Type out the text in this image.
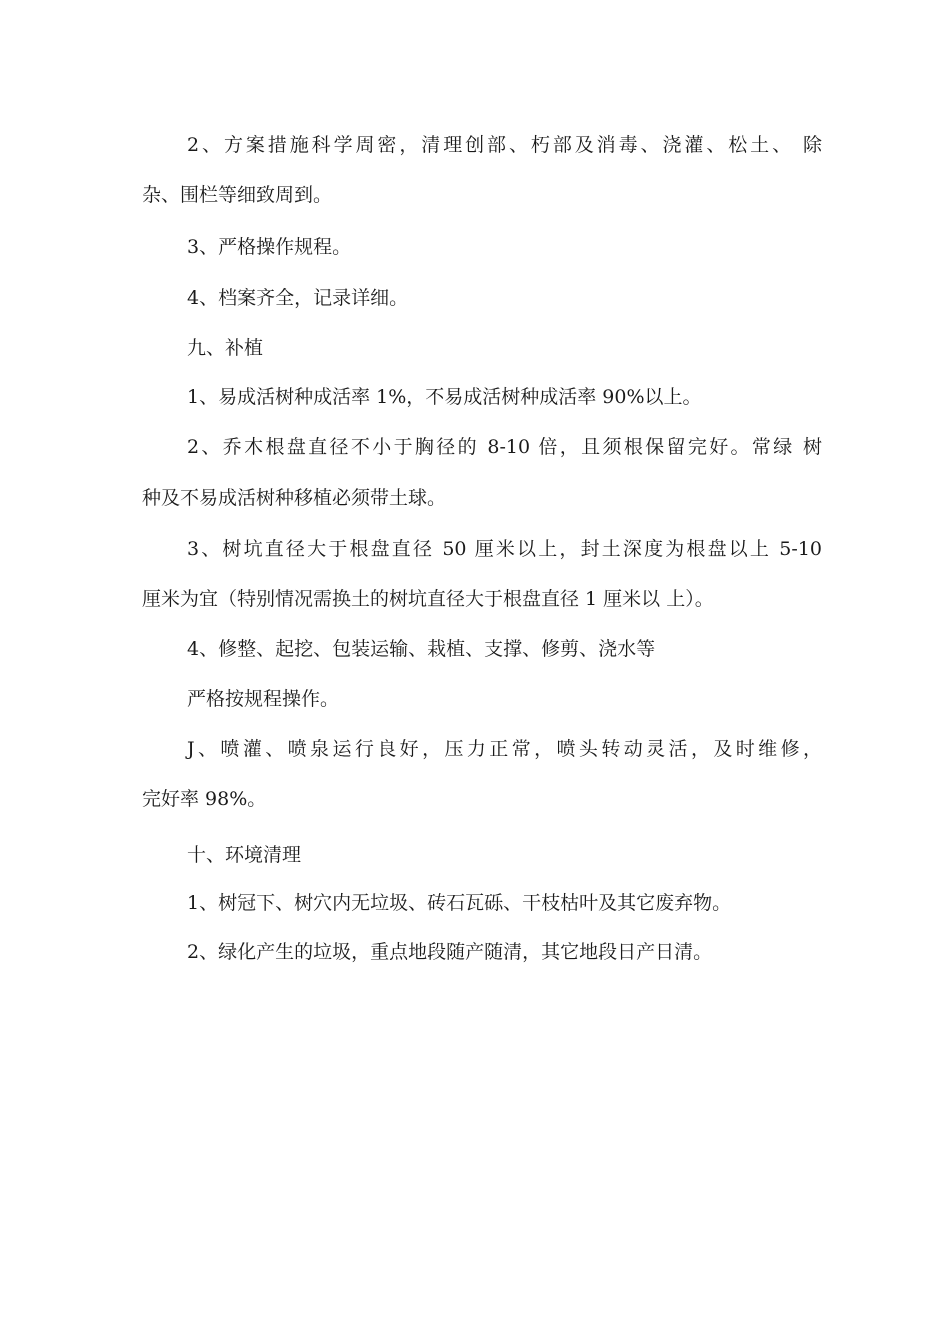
2、方案措施科学周密，清理创部、朽部及消毒、浇灌、松土、 除
杂、围栏等细致周到。
3、严格操作规程。
4、档案齐全，记录详细。
九、补植
1、易成活树种成活率 1%，不易成活树种成活率 90%以上。
2、乔木根盘直径不小于胸径的 8-10 倍，且须根保留完好。常绿 树
种及不易成活树种移植必须带土球。
3、树坑直径大于根盘直径 50 厘米以上，封土深度为根盘以上 5-10
厘米为宜（特别情况需换土的树坑直径大于根盘直径 1 厘米以 上）。
4、修整、起挖、包装运输、栽植、支撑、修剪、浇水等
严格按规程操作。
J、喷灌、喷泉运行良好，压力正常，喷头转动灵活，及时维修，
完好率 98%。
十、环境清理
1、树冠下、树穴内无垃圾、砖石瓦砾、干枝枯叶及其它废弃物。
2、绿化产生的垃圾，重点地段随产随清，其它地段日产日清。
